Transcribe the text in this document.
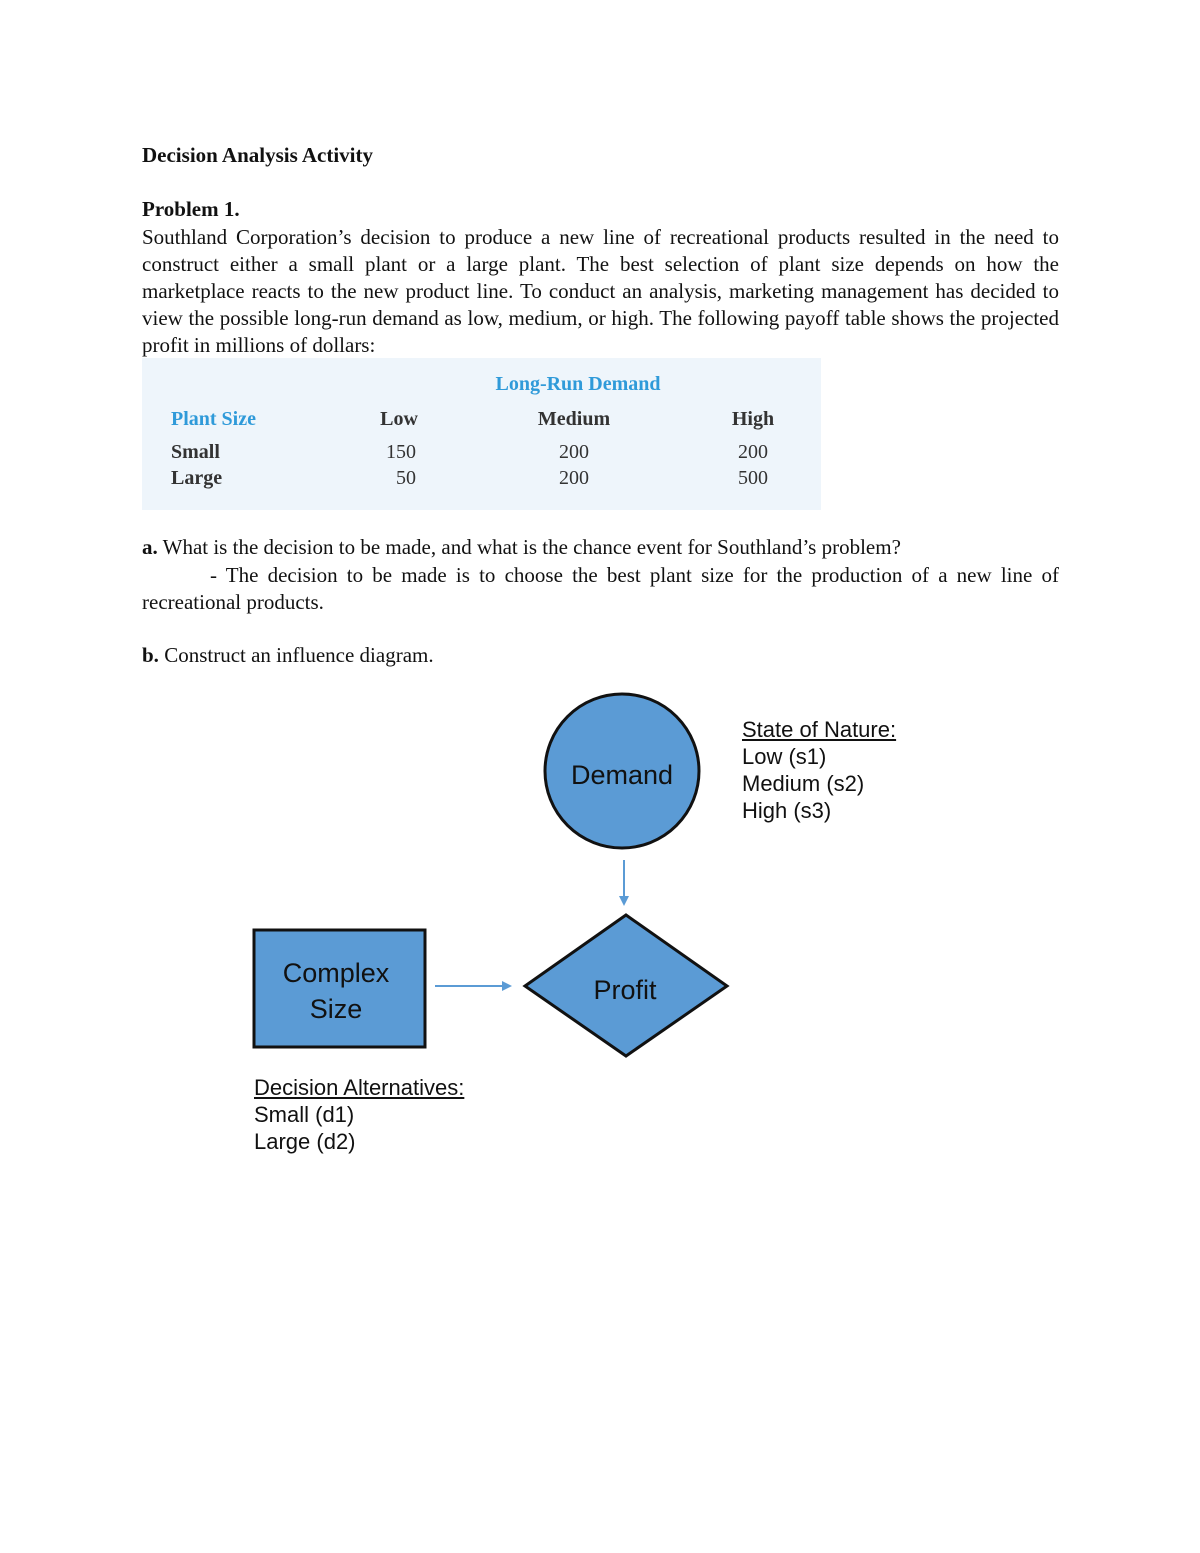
Decision Analysis Activity
Problem 1.

Southland Corporation’s decision to produce a new line of recreational products resulted in the need to construct either a small plant or a large plant. The best selection of plant size depends on how the marketplace reacts to the new product line. To conduct an analysis, marketing management has decided to view the possible long-run demand as low, medium, or high. The following payoff table shows the projected profit in millions of dollars:

Long-Run Demand
Plant Size	Low	Medium	High
Small	150	200	200
Large	50	200	500
a. What is the decision to be made, and what is the chance event for Southland’s problem?

- The decision to be made is to choose the best plant size for the production of a new line of recreational products.

b. Construct an influence diagram.
Demand
Complex
Size
Profit
State of Nature:
Low (s1)
Medium (s2)
High (s3)
Decision Alternatives:
Small (d1)
Large (d2)
